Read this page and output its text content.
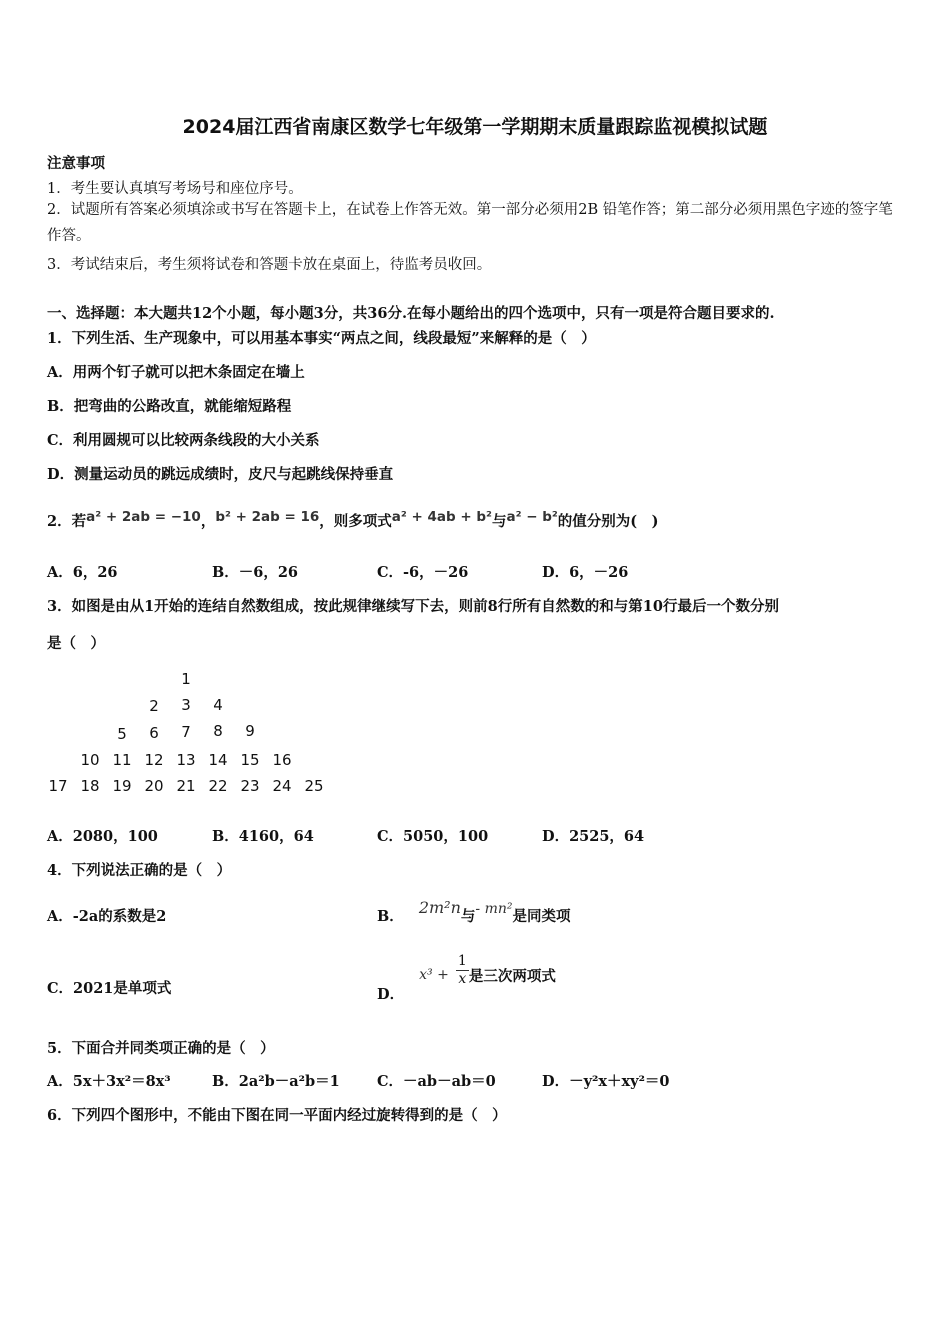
2024届江西省南康区数学七年级第一学期期末质量跟踪监视模拟试题
注意事项
1．考生要认真填写考场号和座位序号。
2．试题所有答案必须填涂或书写在答题卡上，在试卷上作答无效。第一部分必须用2B 铅笔作答；第二部分必须用黑色字迹的签字笔作答。
3．考试结束后，考生须将试卷和答题卡放在桌面上，待监考员收回。
一、选择题：本大题共12个小题，每小题3分，共36分.在每小题给出的四个选项中，只有一项是符合题目要求的.
1．下列生活、生产现象中，可以用基本事实“两点之间，线段最短”来解释的是（　）
A．用两个钉子就可以把木条固定在墙上
B．把弯曲的公路改直，就能缩短路程
C．利用圆规可以比较两条线段的大小关系
D．测量运动员的跳远成绩时，皮尺与起跳线保持垂直
2．若a² + 2ab = −10，b² + 2ab = 16，则多项式a² + 4ab + b²与a² − b²的值分别为(　)
A．6，26	B．－6，26	C．-6，－26	D．6，－26
3．如图是由从1开始的连结自然数组成，按此规律继续写下去，则前8行所有自然数的和与第10行最后一个数分别
是（　）
1
2	3	4
5	6	7	8	9
10 11 12 13 14 15 16
17 18 19 20 21 22 23 24 25
A．2080，100	B．4160，64	C．5050，100	D．2525，64
4．下列说法正确的是（　）
A．-2a的系数是2	B． 2m²n与- mn²是同类项
C．2021是单项式	D． $x^3 + \frac{1}{x}$ 是三次两项式
5．下面合并同类项正确的是（　）
A．5x＋3x²＝8x³	B．2a²b－a²b＝1	C．－ab－ab＝0	D．－y²x＋xy²＝0
6．下列四个图形中，不能由下图在同一平面内经过旋转得到的是（　）
